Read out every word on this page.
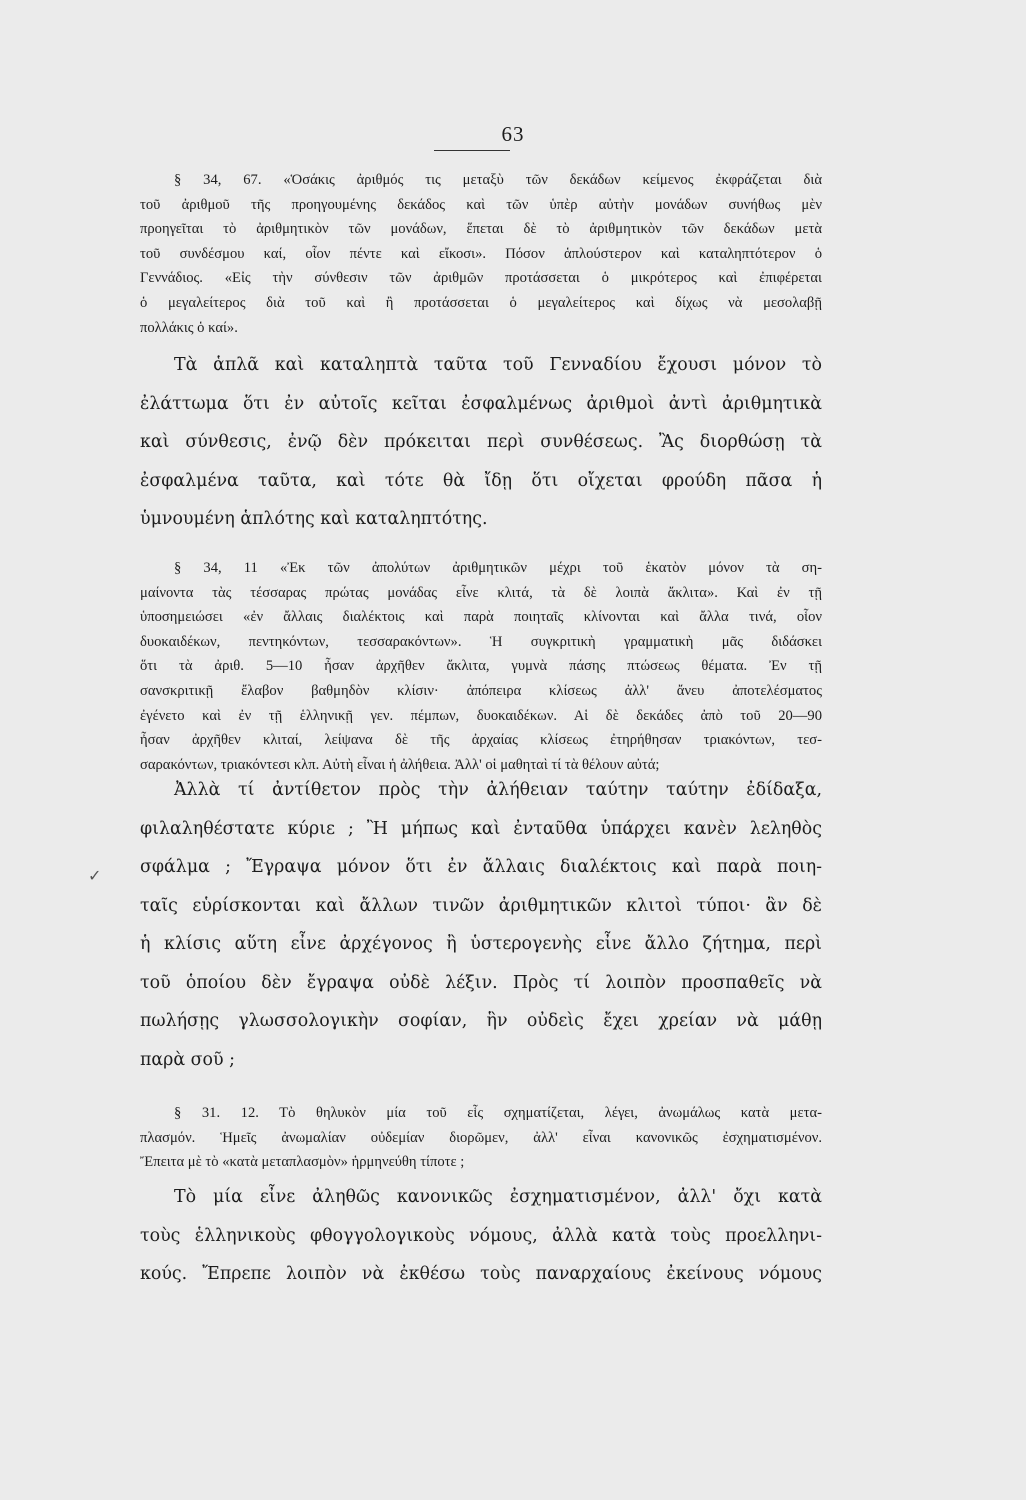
63
✓
§ 34, 67. «Ὁσάκις ἀριθμός τις μεταξὺ τῶν δεκάδων κείμενος ἐκφράζεται διὰ
τοῦ ἀριθμοῦ τῆς προηγουμένης δεκάδος καὶ τῶν ὑπὲρ αὐτὴν μονάδων συνήθως μὲν
προηγεῖται τὸ ἀριθμητικὸν τῶν μονάδων, ἕπεται δὲ τὸ ἀριθμητικὸν τῶν δεκάδων μετὰ
τοῦ συνδέσμου καί, οἷον πέντε καὶ εἴκοσι». Πόσον ἁπλούστερον καὶ καταληπτότερον ὁ
Γεννάδιος. «Εἰς τὴν σύνθεσιν τῶν ἀριθμῶν προτάσσεται ὁ μικρότερος καὶ ἐπιφέρεται
ὁ μεγαλείτερος διὰ τοῦ καὶ ἢ προτάσσεται ὁ μεγαλείτερος καὶ δίχως νὰ μεσολαβῇ
πολλάκις ὁ καί».
Τὰ ἁπλᾶ καὶ καταληπτὰ ταῦτα τοῦ Γενναδίου ἔχουσι μόνον τὸ
ἐλάττωμα ὅτι ἐν αὐτοῖς κεῖται ἐσφαλμένως ἀριθμοὶ ἀντὶ ἀριθμητικὰ
καὶ σύνθεσις, ἐνῷ δὲν πρόκειται περὶ συνθέσεως. Ἂς διορθώσῃ τὰ
ἐσφαλμένα ταῦτα, καὶ τότε θὰ ἴδῃ ὅτι οἴχεται φρούδη πᾶσα ἡ
ὑμνουμένη ἁπλότης καὶ καταληπτότης.
§ 34, 11 «Ἐκ τῶν ἀπολύτων ἀριθμητικῶν μέχρι τοῦ ἑκατὸν μόνον τὰ ση-
μαίνοντα τὰς τέσσαρας πρώτας μονάδας εἶνε κλιτά, τὰ δὲ λοιπὰ ἄκλιτα». Καὶ ἐν τῇ
ὑποσημειώσει «ἐν ἄλλαις διαλέκτοις καὶ παρὰ ποιηταῖς κλίνονται καὶ ἄλλα τινά, οἷον
δυοκαιδέκων, πεντηκόντων, τεσσαρακόντων». Ἡ συγκριτικὴ γραμματικὴ μᾶς διδάσκει
ὅτι τὰ ἀριθ. 5—10 ἦσαν ἀρχῆθεν ἄκλιτα, γυμνὰ πάσης πτώσεως θέματα. Ἐν τῇ
σανσκριτικῇ ἔλαβον βαθμηδὸν κλίσιν· ἀπόπειρα κλίσεως ἀλλ' ἄνευ ἀποτελέσματος
ἐγένετο καὶ ἐν τῇ ἑλληνικῇ γεν. πέμπων, δυοκαιδέκων. Αἱ δὲ δεκάδες ἀπὸ τοῦ 20—90
ἦσαν ἀρχῆθεν κλιταί, λείψανα δὲ τῆς ἀρχαίας κλίσεως ἐτηρήθησαν τριακόντων, τεσ-
σαρακόντων, τριακόντεσι κλπ. Αὐτὴ εἶναι ἡ ἀλήθεια. Ἀλλ' οἱ μαθηταὶ τί τὰ θέλουν αὐτά;
Ἀλλὰ τί ἀντίθετον πρὸς τὴν ἀλήθειαν ταύτην ταύτην ἐδίδαξα,
φιλαληθέστατε κύριε ; Ἢ μήπως καὶ ἐνταῦθα ὑπάρχει κανὲν λεληθὸς
σφάλμα ; Ἔγραψα μόνον ὅτι ἐν ἄλλαις διαλέκτοις καὶ παρὰ ποιη-
ταῖς εὑρίσκονται καὶ ἄλλων τινῶν ἀριθμητικῶν κλιτοὶ τύποι· ἂν δὲ
ἡ κλίσις αὕτη εἶνε ἀρχέγονος ἢ ὑστερογενὴς εἶνε ἄλλο ζήτημα, περὶ
τοῦ ὁποίου δὲν ἔγραψα οὐδὲ λέξιν. Πρὸς τί λοιπὸν προσπαθεῖς νὰ
πωλήσῃς γλωσσολογικὴν σοφίαν, ἣν οὐδεὶς ἔχει χρείαν νὰ μάθῃ
παρὰ σοῦ ;
§ 31. 12. Τὸ θηλυκὸν μία τοῦ εἷς σχηματίζεται, λέγει, ἀνωμάλως κατὰ μετα-
πλασμόν. Ἡμεῖς ἀνωμαλίαν οὐδεμίαν διορῶμεν, ἀλλ' εἶναι κανονικῶς ἐσχηματισμένον.
Ἔπειτα μὲ τὸ «κατὰ μεταπλασμὸν» ἡρμηνεύθη τίποτε ;
Τὸ μία εἶνε ἀληθῶς κανονικῶς ἐσχηματισμένον, ἀλλ' ὄχι κατὰ
τοὺς ἑλληνικοὺς φθογγολογικοὺς νόμους, ἀλλὰ κατὰ τοὺς προελληνι-
κούς. Ἔπρεπε λοιπὸν νὰ ἐκθέσω τοὺς παναρχαίους ἐκείνους νόμους
